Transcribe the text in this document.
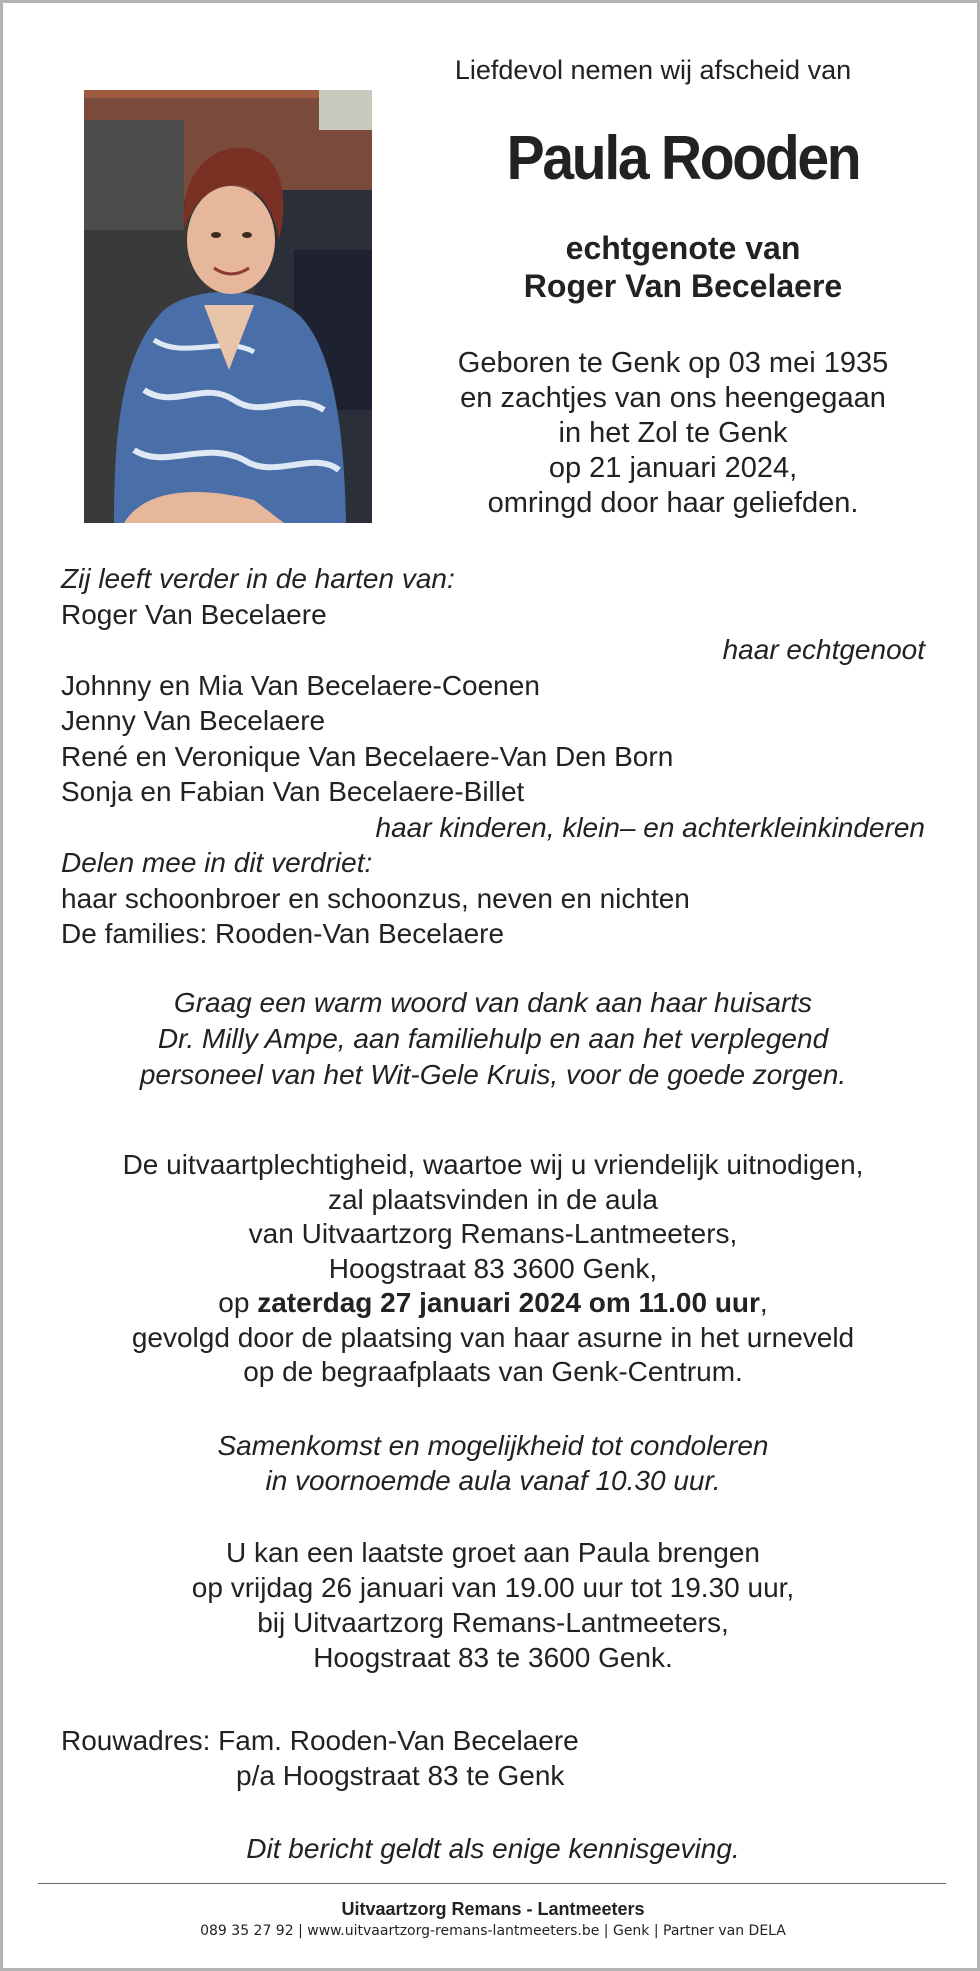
Liefdevol nemen wij afscheid van
Paula Rooden
echtgenote van
Roger Van Becelaere
Geboren te Genk op 03 mei 1935
en zachtjes van ons heengegaan
in het Zol te Genk
op 21 januari 2024,
omringd door haar geliefden.
Zij leeft verder in de harten van:
Roger Van Becelaere
haar echtgenoot
Johnny en Mia Van Becelaere-Coenen
Jenny Van Becelaere
René en Veronique Van Becelaere-Van Den Born
Sonja en Fabian Van Becelaere-Billet
haar kinderen, klein– en achterkleinkinderen
Delen mee in dit verdriet:
haar schoonbroer en schoonzus, neven en nichten
De families: Rooden-Van Becelaere
Graag een warm woord van dank aan haar huisarts
Dr. Milly Ampe, aan familiehulp en aan het verplegend
personeel van het Wit-Gele Kruis, voor de goede zorgen.
De uitvaartplechtigheid, waartoe wij u vriendelijk uitnodigen,
zal plaatsvinden in de aula
van Uitvaartzorg Remans-Lantmeeters,
Hoogstraat 83 3600 Genk,
op zaterdag 27 januari 2024 om 11.00 uur,
gevolgd door de plaatsing van haar asurne in het urneveld
op de begraafplaats van Genk-Centrum.
Samenkomst en mogelijkheid tot condoleren
in voornoemde aula vanaf 10.30 uur.
U kan een laatste groet aan Paula brengen
op vrijdag 26 januari van 19.00 uur tot 19.30 uur,
bij Uitvaartzorg Remans-Lantmeeters,
Hoogstraat 83 te 3600 Genk.
Rouwadres: Fam. Rooden-Van Becelaere
p/a Hoogstraat 83 te Genk
Dit bericht geldt als enige kennisgeving.
Uitvaartzorg Remans - Lantmeeters
089 35 27 92 | www.uitvaartzorg-remans-lantmeeters.be | Genk | Partner van DELA
